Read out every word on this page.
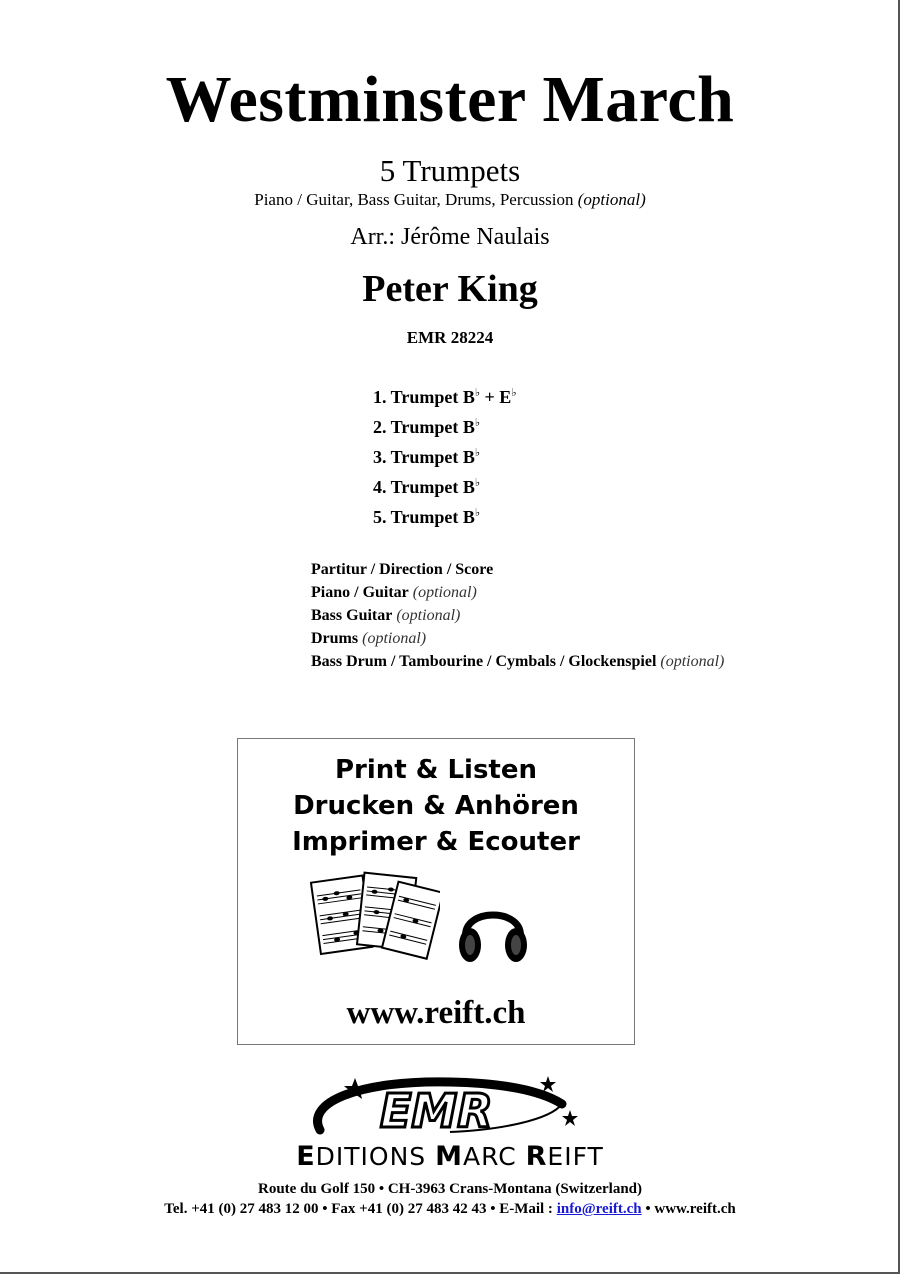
Westminster March
5 Trumpets
Piano / Guitar, Bass Guitar, Drums, Percussion (optional)
Arr.: Jérôme Naulais
Peter King
EMR 28224
1. Trumpet B♭ + E♭
2. Trumpet B♭
3. Trumpet B♭
4. Trumpet B♭
5. Trumpet B♭
Partitur / Direction / Score
Piano / Guitar (optional)
Bass Guitar (optional)
Drums (optional)
Bass Drum / Tambourine / Cymbals / Glockenspiel (optional)
Print & Listen
Drucken & Anhören
Imprimer & Ecouter
www.reift.ch
EMR
EDITIONS MARC REIFT
Route du Golf 150 • CH-3963 Crans-Montana (Switzerland)
Tel. +41 (0) 27 483 12 00 • Fax +41 (0) 27 483 42 43 • E-Mail : info@reift.ch • www.reift.ch
